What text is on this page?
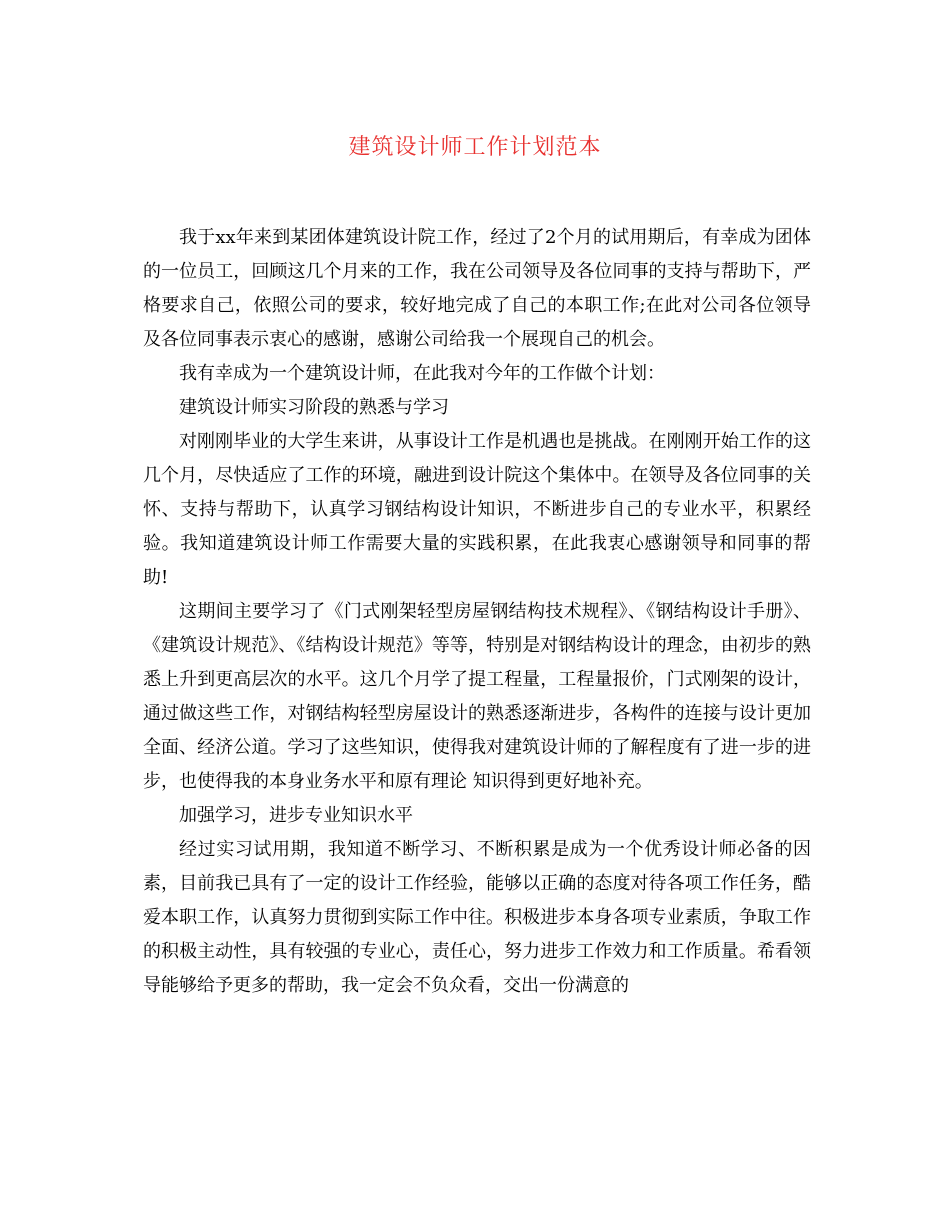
建筑设计师工作计划范本

我于xx年来到某团体建筑设计院工作，经过了2个月的试用期后，有幸成为团体的一位员工，回顾这几个月来的工作，我在公司领导及各位同事的支持与帮助下，严格要求自己，依照公司的要求，较好地完成了自己的本职工作;在此对公司各位领导及各位同事表示衷心的感谢，感谢公司给我一个展现自己的机会。

我有幸成为一个建筑设计师，在此我对今年的工作做个计划：

建筑设计师实习阶段的熟悉与学习

对刚刚毕业的大学生来讲，从事设计工作是机遇也是挑战。在刚刚开始工作的这几个月，尽快适应了工作的环境，融进到设计院这个集体中。在领导及各位同事的关怀、支持与帮助下，认真学习钢结构设计知识，不断进步自己的专业水平，积累经验。我知道建筑设计师工作需要大量的实践积累，在此我衷心感谢领导和同事的帮助!

这期间主要学习了《门式刚架轻型房屋钢结构技术规程》、《钢结构设计手册》、《建筑设计规范》、《结构设计规范》等等，特别是对钢结构设计的理念，由初步的熟悉上升到更高层次的水平。这几个月学了提工程量，工程量报价，门式刚架的设计，通过做这些工作，对钢结构轻型房屋设计的熟悉逐渐进步，各构件的连接与设计更加全面、经济公道。学习了这些知识，使得我对建筑设计师的了解程度有了进一步的进步，也使得我的本身业务水平和原有理论 知识得到更好地补充。

加强学习，进步专业知识水平

经过实习试用期，我知道不断学习、不断积累是成为一个优秀设计师必备的因素，目前我已具有了一定的设计工作经验，能够以正确的态度对待各项工作任务，酷爱本职工作，认真努力贯彻到实际工作中往。积极进步本身各项专业素质，争取工作的积极主动性，具有较强的专业心，责任心，努力进步工作效力和工作质量。希看领导能够给予更多的帮助，我一定会不负众看，交出一份满意的
